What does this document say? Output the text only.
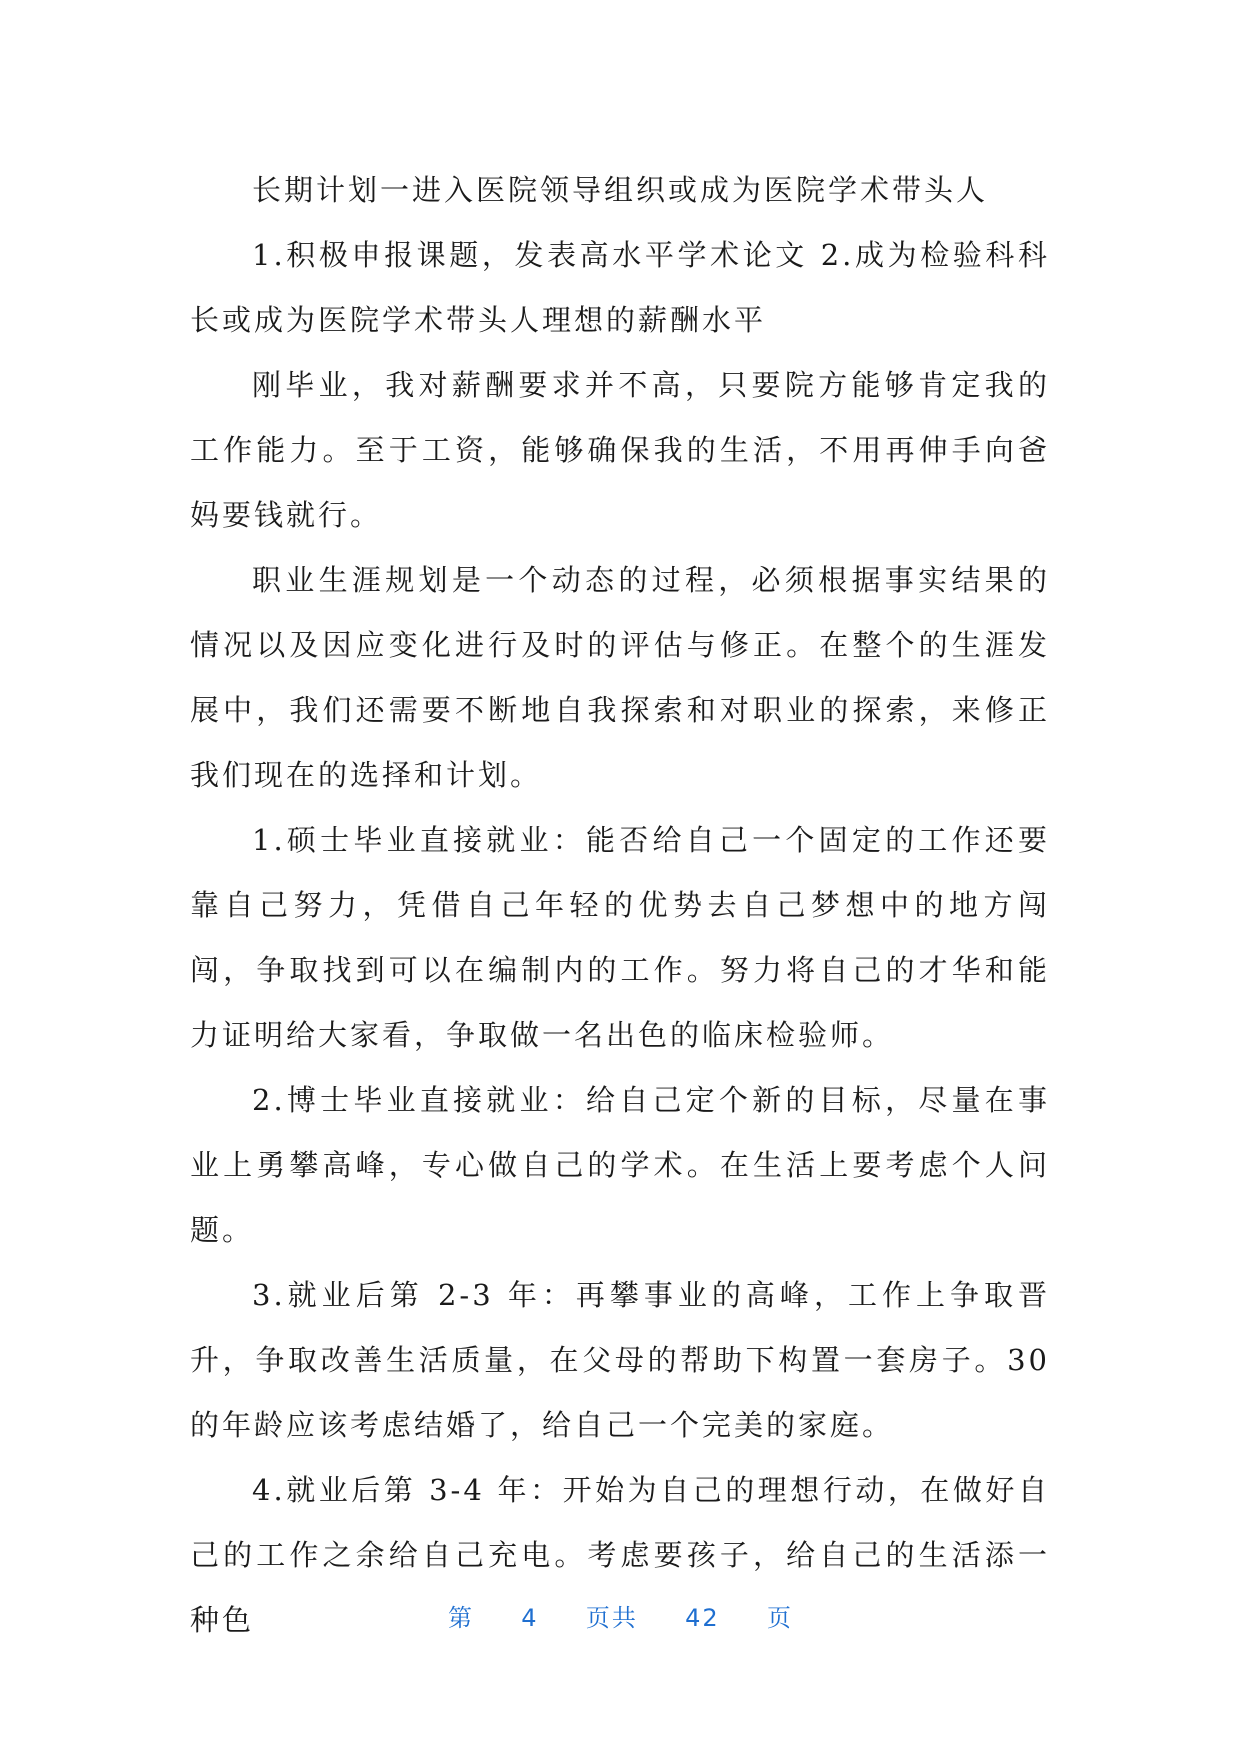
长期计划一进入医院领导组织或成为医院学术带头人

1.积极申报课题，发表高水平学术论文 2.成为检验科科长或成为医院学术带头人理想的薪酬水平

刚毕业，我对薪酬要求并不高，只要院方能够肯定我的工作能力。至于工资，能够确保我的生活，不用再伸手向爸妈要钱就行。

职业生涯规划是一个动态的过程，必须根据事实结果的情况以及因应变化进行及时的评估与修正。在整个的生涯发展中，我们还需要不断地自我探索和对职业的探索，来修正我们现在的选择和计划。

1.硕士毕业直接就业：能否给自己一个固定的工作还要靠自己努力，凭借自己年轻的优势去自己梦想中的地方闯闯，争取找到可以在编制内的工作。努力将自己的才华和能力证明给大家看，争取做一名出色的临床检验师。

2.博士毕业直接就业：给自己定个新的目标，尽量在事业上勇攀高峰，专心做自己的学术。在生活上要考虑个人问题。

3.就业后第 2-3 年：再攀事业的高峰，工作上争取晋升，争取改善生活质量，在父母的帮助下构置一套房子。30 的年龄应该考虑结婚了，给自己一个完美的家庭。

4.就业后第 3-4 年：开始为自己的理想行动，在做好自己的工作之余给自己充电。考虑要孩子，给自己的生活添一种色	第 4 页共 42 页
